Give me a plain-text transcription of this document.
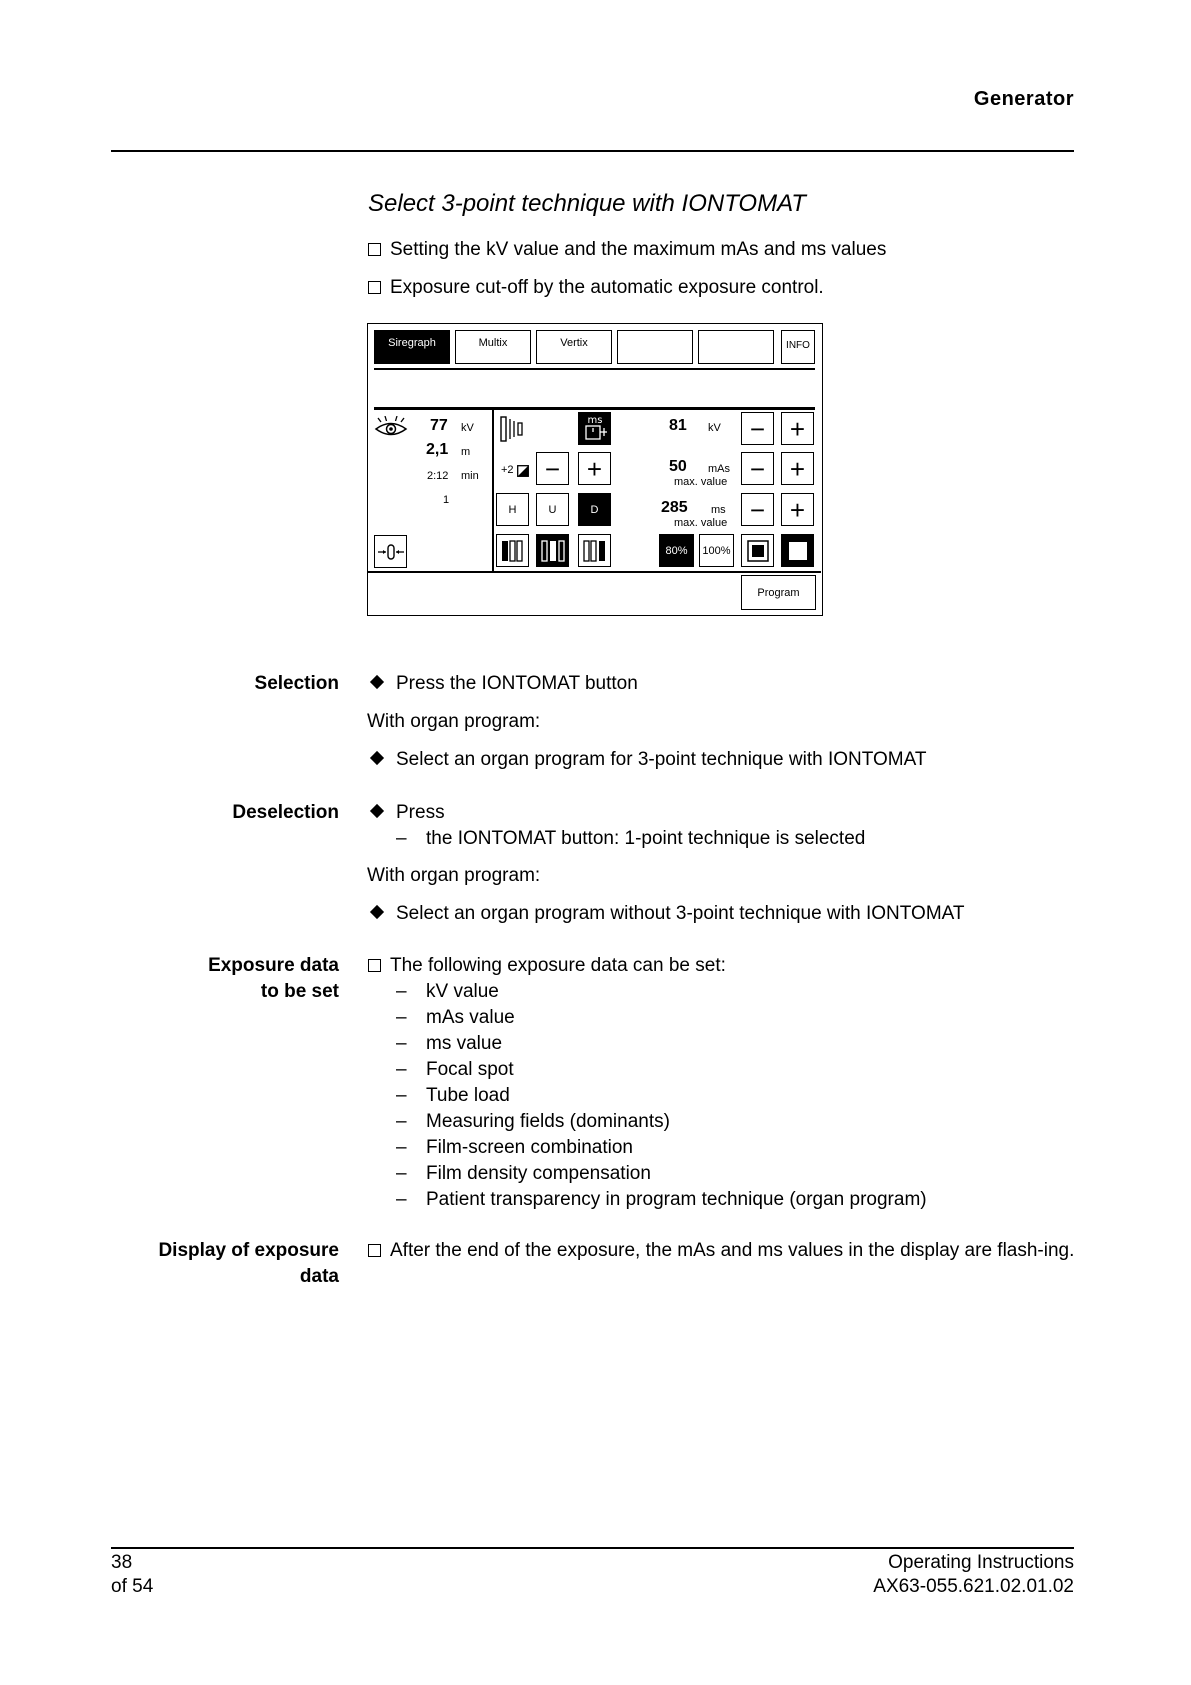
Generator
Select 3-point technique with IONTOMAT

Setting the kV value and the maximum mAs and ms values

Exposure cut-off by the automatic exposure control.

Siregraph	Multix	Vertix	INFO
77 kV
2,1 m
2:12 min
1
ms
+2 − +
H	U	D
81 kV − +
50 mAs
max. value − +
285 ms
max. value − +
80%	100%
Program
Selection	Press the IONTOMAT button

With organ program:

Select an organ program for 3-point technique with IONTOMAT

Deselection	Press

– the IONTOMAT button: 1-point technique is selected

With organ program:

Select an organ program without 3-point technique with IONTOMAT

Exposure data
to be set

The following exposure data can be set:

– kV value
– mAs value
– ms value
– Focal spot
– Tube load
– Measuring fields (dominants)
– Film-screen combination
– Film density compensation
– Patient transparency in program technique (organ program)
Display of exposure
data

After the end of the exposure, the mAs and ms values in the display are flash-ing.

38
of 54
Operating Instructions
AX63-055.621.02.01.02
